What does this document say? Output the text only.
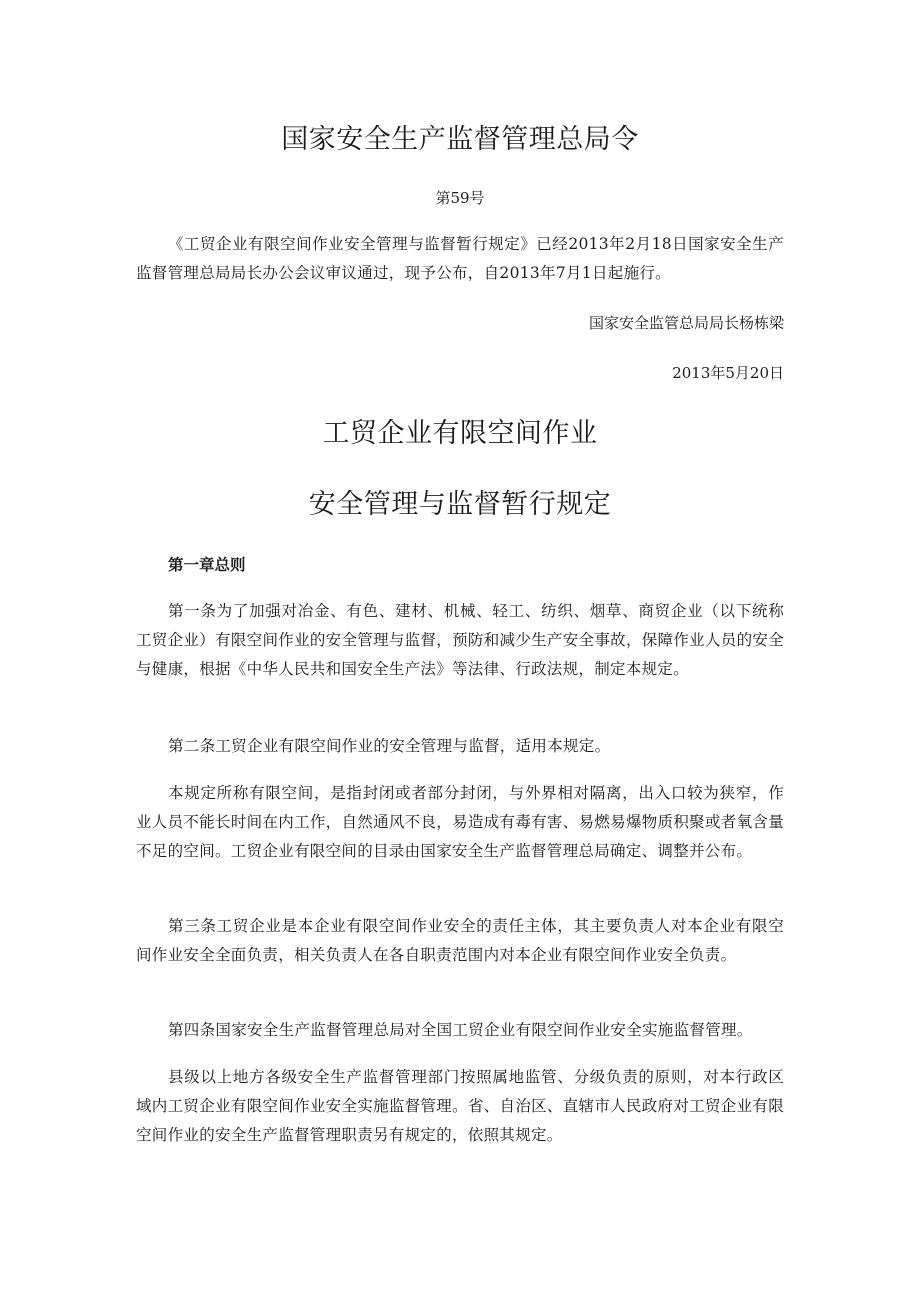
国家安全生产监督管理总局令

第59号

《工贸企业有限空间作业安全管理与监督暂行规定》已经2013年2月18日国家安全生产监督管理总局局长办公会议审议通过，现予公布，自2013年7月1日起施行。

国家安全监管总局局长杨栋梁

2013年5月20日

工贸企业有限空间作业
安全管理与监督暂行规定

第一章总则

第一条为了加强对冶金、有色、建材、机械、轻工、纺织、烟草、商贸企业（以下统称工贸企业）有限空间作业的安全管理与监督，预防和减少生产安全事故，保障作业人员的安全与健康，根据《中华人民共和国安全生产法》等法律、行政法规，制定本规定。

第二条工贸企业有限空间作业的安全管理与监督，适用本规定。

本规定所称有限空间，是指封闭或者部分封闭，与外界相对隔离，出入口较为狭窄，作业人员不能长时间在内工作，自然通风不良，易造成有毒有害、易燃易爆物质积聚或者氧含量不足的空间。工贸企业有限空间的目录由国家安全生产监督管理总局确定、调整并公布。

第三条工贸企业是本企业有限空间作业安全的责任主体，其主要负责人对本企业有限空间作业安全全面负责，相关负责人在各自职责范围内对本企业有限空间作业安全负责。

第四条国家安全生产监督管理总局对全国工贸企业有限空间作业安全实施监督管理。

县级以上地方各级安全生产监督管理部门按照属地监管、分级负责的原则，对本行政区域内工贸企业有限空间作业安全实施监督管理。省、自治区、直辖市人民政府对工贸企业有限空间作业的安全生产监督管理职责另有规定的，依照其规定。
